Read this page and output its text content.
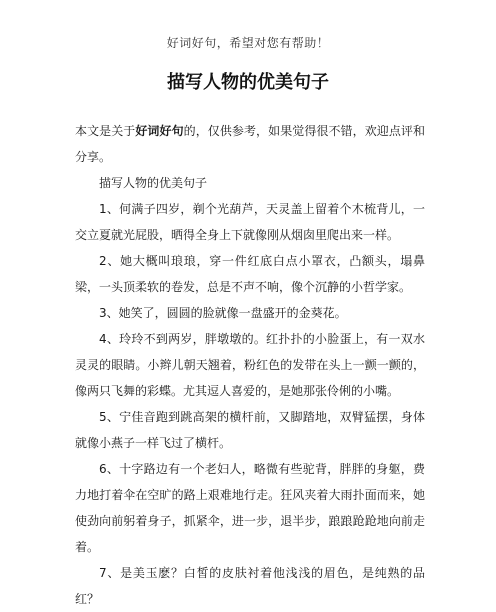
好词好句，希望对您有帮助！
描写人物的优美句子

本文是关于好词好句的，仅供参考，如果觉得很不错，欢迎点评和分享。

描写人物的优美句子

1、何满子四岁，剃个光葫芦，天灵盖上留着个木梳背儿，一交立夏就光屁股，晒得全身上下就像刚从烟囱里爬出来一样。

2、她大概叫琅琅，穿一件红底白点小罩衣，凸额头，塌鼻梁，一头顶柔软的卷发，总是不声不响，像个沉静的小哲学家。

3、她笑了，圆圆的脸就像一盘盛开的金葵花。

4、玲玲不到两岁，胖墩墩的。红扑扑的小脸蛋上，有一双水灵灵的眼睛。小辫儿朝天翘着，粉红色的发带在头上一颤一颤的，像两只飞舞的彩蝶。尤其逗人喜爱的，是她那张伶俐的小嘴。

5、宁佳音跑到跳高架的横杆前，又脚踏地，双臂猛摆，身体就像小燕子一样飞过了横杆。

6、十字路边有一个老妇人，略微有些驼背，胖胖的身躯，费力地打着伞在空旷的路上艰难地行走。狂风夹着大雨扑面而来，她使劲向前躬着身子，抓紧伞，进一步，退半步，踉踉跄跄地向前走着。

7、是美玉麽？白皙的皮肤衬着他浅浅的眉色，是纯熟的品红？
